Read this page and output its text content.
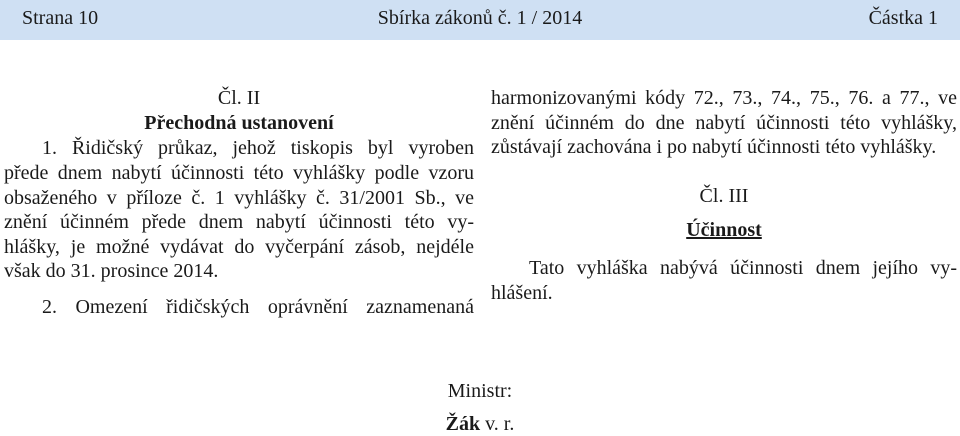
Strana 10	Sbírka zákonů č. 1 / 2014	Částka 1

Čl. II

Přechodná ustanovení

1. Řidičský průkaz, jehož tiskopis byl vyroben

přede dnem nabytí účinnosti této vyhlášky podle vzoru

obsaženého v příloze č. 1 vyhlášky č. 31/2001 Sb., ve

znění účinném přede dnem nabytí účinnosti této vy-

hlášky, je možné vydávat do vyčerpání zásob, nejdéle

však do 31. prosince 2014.

2. Omezení řidičských oprávnění zaznamenaná

harmonizovanými kódy 72., 73., 74., 75., 76. a 77., ve

znění účinném do dne nabytí účinnosti této vyhlášky,

zůstávají zachována i po nabytí účinnosti této vyhlášky.

Čl. III

Účinnost

Tato vyhláška nabývá účinnosti dnem jejího vy-

hlášení.

Ministr:
Žák v. r.
